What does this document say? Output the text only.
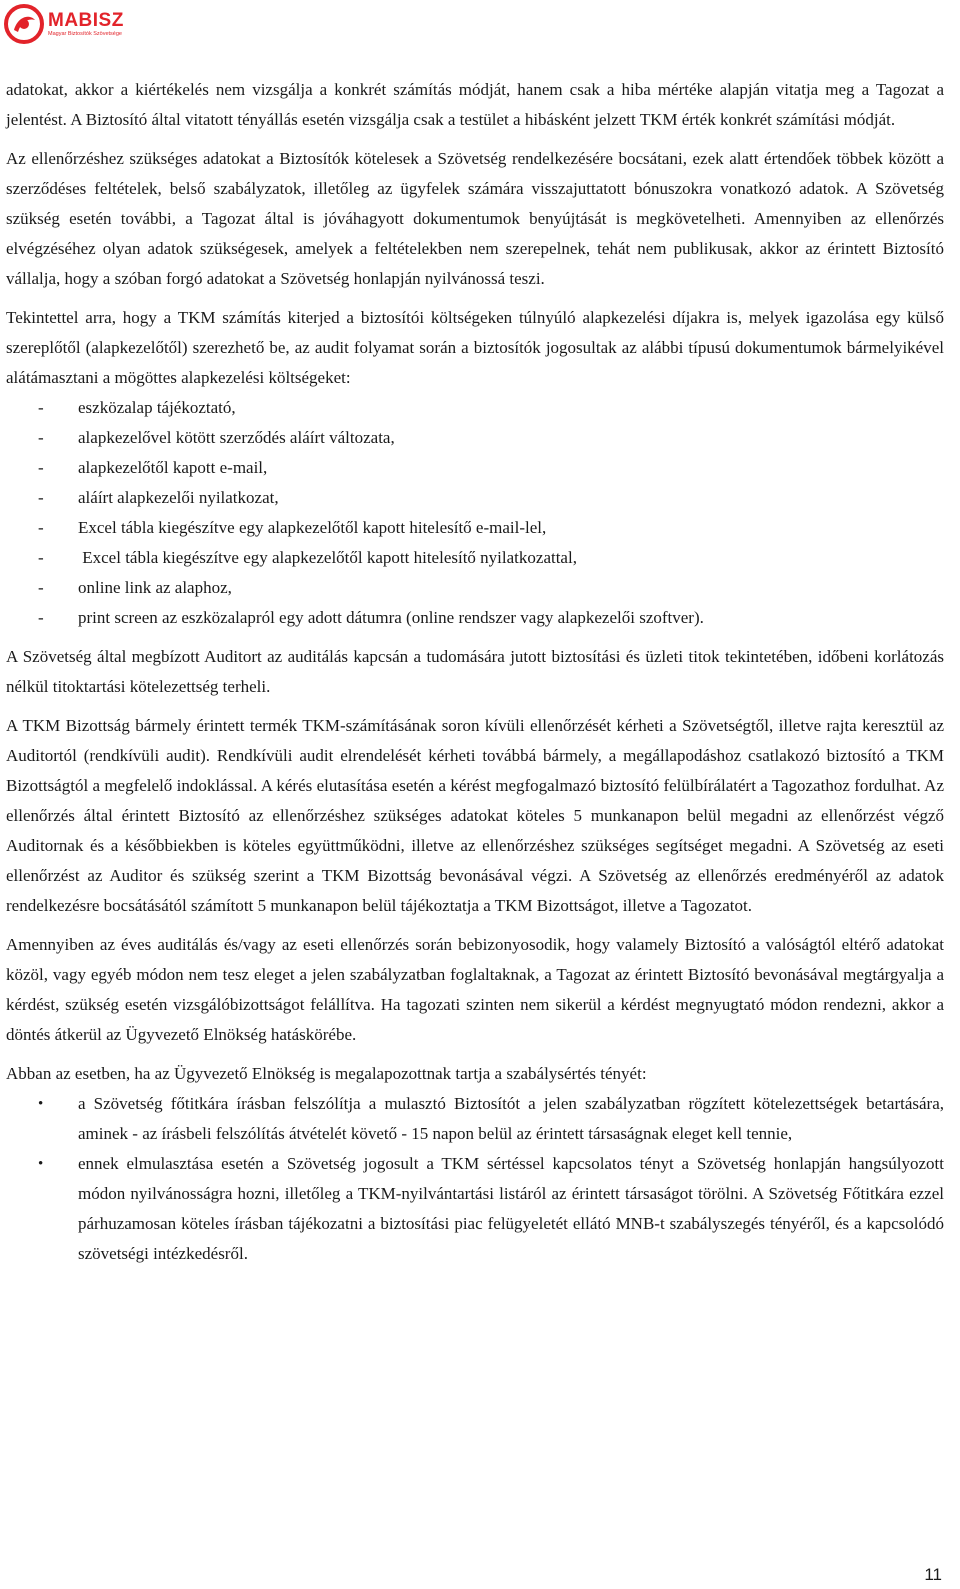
MABISZ
Magyar Biztosítók Szövetsége

adatokat, akkor a kiértékelés nem vizsgálja a konkrét számítás módját, hanem csak a hiba mértéke alapján vitatja meg a Tagozat a jelentést. A Biztosító által vitatott tényállás esetén vizsgálja csak a testület a hibásként jelzett TKM érték konkrét számítási módját.

Az ellenőrzéshez szükséges adatokat a Biztosítók kötelesek a Szövetség rendelkezésére bocsátani, ezek alatt értendőek többek között a szerződéses feltételek, belső szabályzatok, illetőleg az ügyfelek számára visszajuttatott bónuszokra vonatkozó adatok. A Szövetség szükség esetén további, a Tagozat által is jóváhagyott dokumentumok benyújtását is megkövetelheti. Amennyiben az ellenőrzés elvégzéséhez olyan adatok szükségesek, amelyek a feltételekben nem szerepelnek, tehát nem publikusak, akkor az érintett Biztosító vállalja, hogy a szóban forgó adatokat a Szövetség honlapján nyilvánossá teszi.

Tekintettel arra, hogy a TKM számítás kiterjed a biztosítói költségeken túlnyúló alapkezelési díjakra is, melyek igazolása egy külső szereplőtől (alapkezelőtől) szerezhető be, az audit folyamat során a biztosítók jogosultak az alábbi típusú dokumentumok bármelyikével alátámasztani a mögöttes alapkezelési költségeket:

- eszközalap tájékoztató,
- alapkezelővel kötött szerződés aláírt változata,
- alapkezelőtől kapott e-mail,
- aláírt alapkezelői nyilatkozat,
- Excel tábla kiegészítve egy alapkezelőtől kapott hitelesítő e-mail-lel,
- Excel tábla kiegészítve egy alapkezelőtől kapott hitelesítő nyilatkozattal,
- online link az alaphoz,
- print screen az eszközalapról egy adott dátumra (online rendszer vagy alapkezelői szoftver).

A Szövetség által megbízott Auditort az auditálás kapcsán a tudomására jutott biztosítási és üzleti titok tekintetében, időbeni korlátozás nélkül titoktartási kötelezettség terheli.

A TKM Bizottság bármely érintett termék TKM-számításának soron kívüli ellenőrzését kérheti a Szövetségtől, illetve rajta keresztül az Auditortól (rendkívüli audit). Rendkívüli audit elrendelését kérheti továbbá bármely, a megállapodáshoz csatlakozó biztosító a TKM Bizottságtól a megfelelő indoklással. A kérés elutasítása esetén a kérést megfogalmazó biztosító felülbírálatért a Tagozathoz fordulhat. Az ellenőrzés által érintett Biztosító az ellenőrzéshez szükséges adatokat köteles 5 munkanapon belül megadni az ellenőrzést végző Auditornak és a későbbiekben is köteles együttműködni, illetve az ellenőrzéshez szükséges segítséget megadni. A Szövetség az eseti ellenőrzést az Auditor és szükség szerint a TKM Bizottság bevonásával végzi. A Szövetség az ellenőrzés eredményéről az adatok rendelkezésre bocsátásától számított 5 munkanapon belül tájékoztatja a TKM Bizottságot, illetve a Tagozatot.

Amennyiben az éves auditálás és/vagy az eseti ellenőrzés során bebizonyosodik, hogy valamely Biztosító a valóságtól eltérő adatokat közöl, vagy egyéb módon nem tesz eleget a jelen szabályzatban foglaltaknak, a Tagozat az érintett Biztosító bevonásával megtárgyalja a kérdést, szükség esetén vizsgálóbizottságot felállítva. Ha tagozati szinten nem sikerül a kérdést megnyugtató módon rendezni, akkor a döntés átkerül az Ügyvezető Elnökség hatáskörébe.

Abban az esetben, ha az Ügyvezető Elnökség is megalapozottnak tartja a szabálysértés tényét:

• a Szövetség főtitkára írásban felszólítja a mulasztó Biztosítót a jelen szabályzatban rögzített kötelezettségek betartására, aminek - az írásbeli felszólítás átvételét követő - 15 napon belül az érintett társaságnak eleget kell tennie,
• ennek elmulasztása esetén a Szövetség jogosult a TKM sértéssel kapcsolatos tényt a Szövetség honlapján hangsúlyozott módon nyilvánosságra hozni, illetőleg a TKM-nyilvántartási listáról az érintett társaságot törölni. A Szövetség Főtitkára ezzel párhuzamosan köteles írásban tájékozatni a biztosítási piac felügyeletét ellátó MNB-t szabályszegés tényéről, és a kapcsolódó szövetségi intézkedésről.
11
